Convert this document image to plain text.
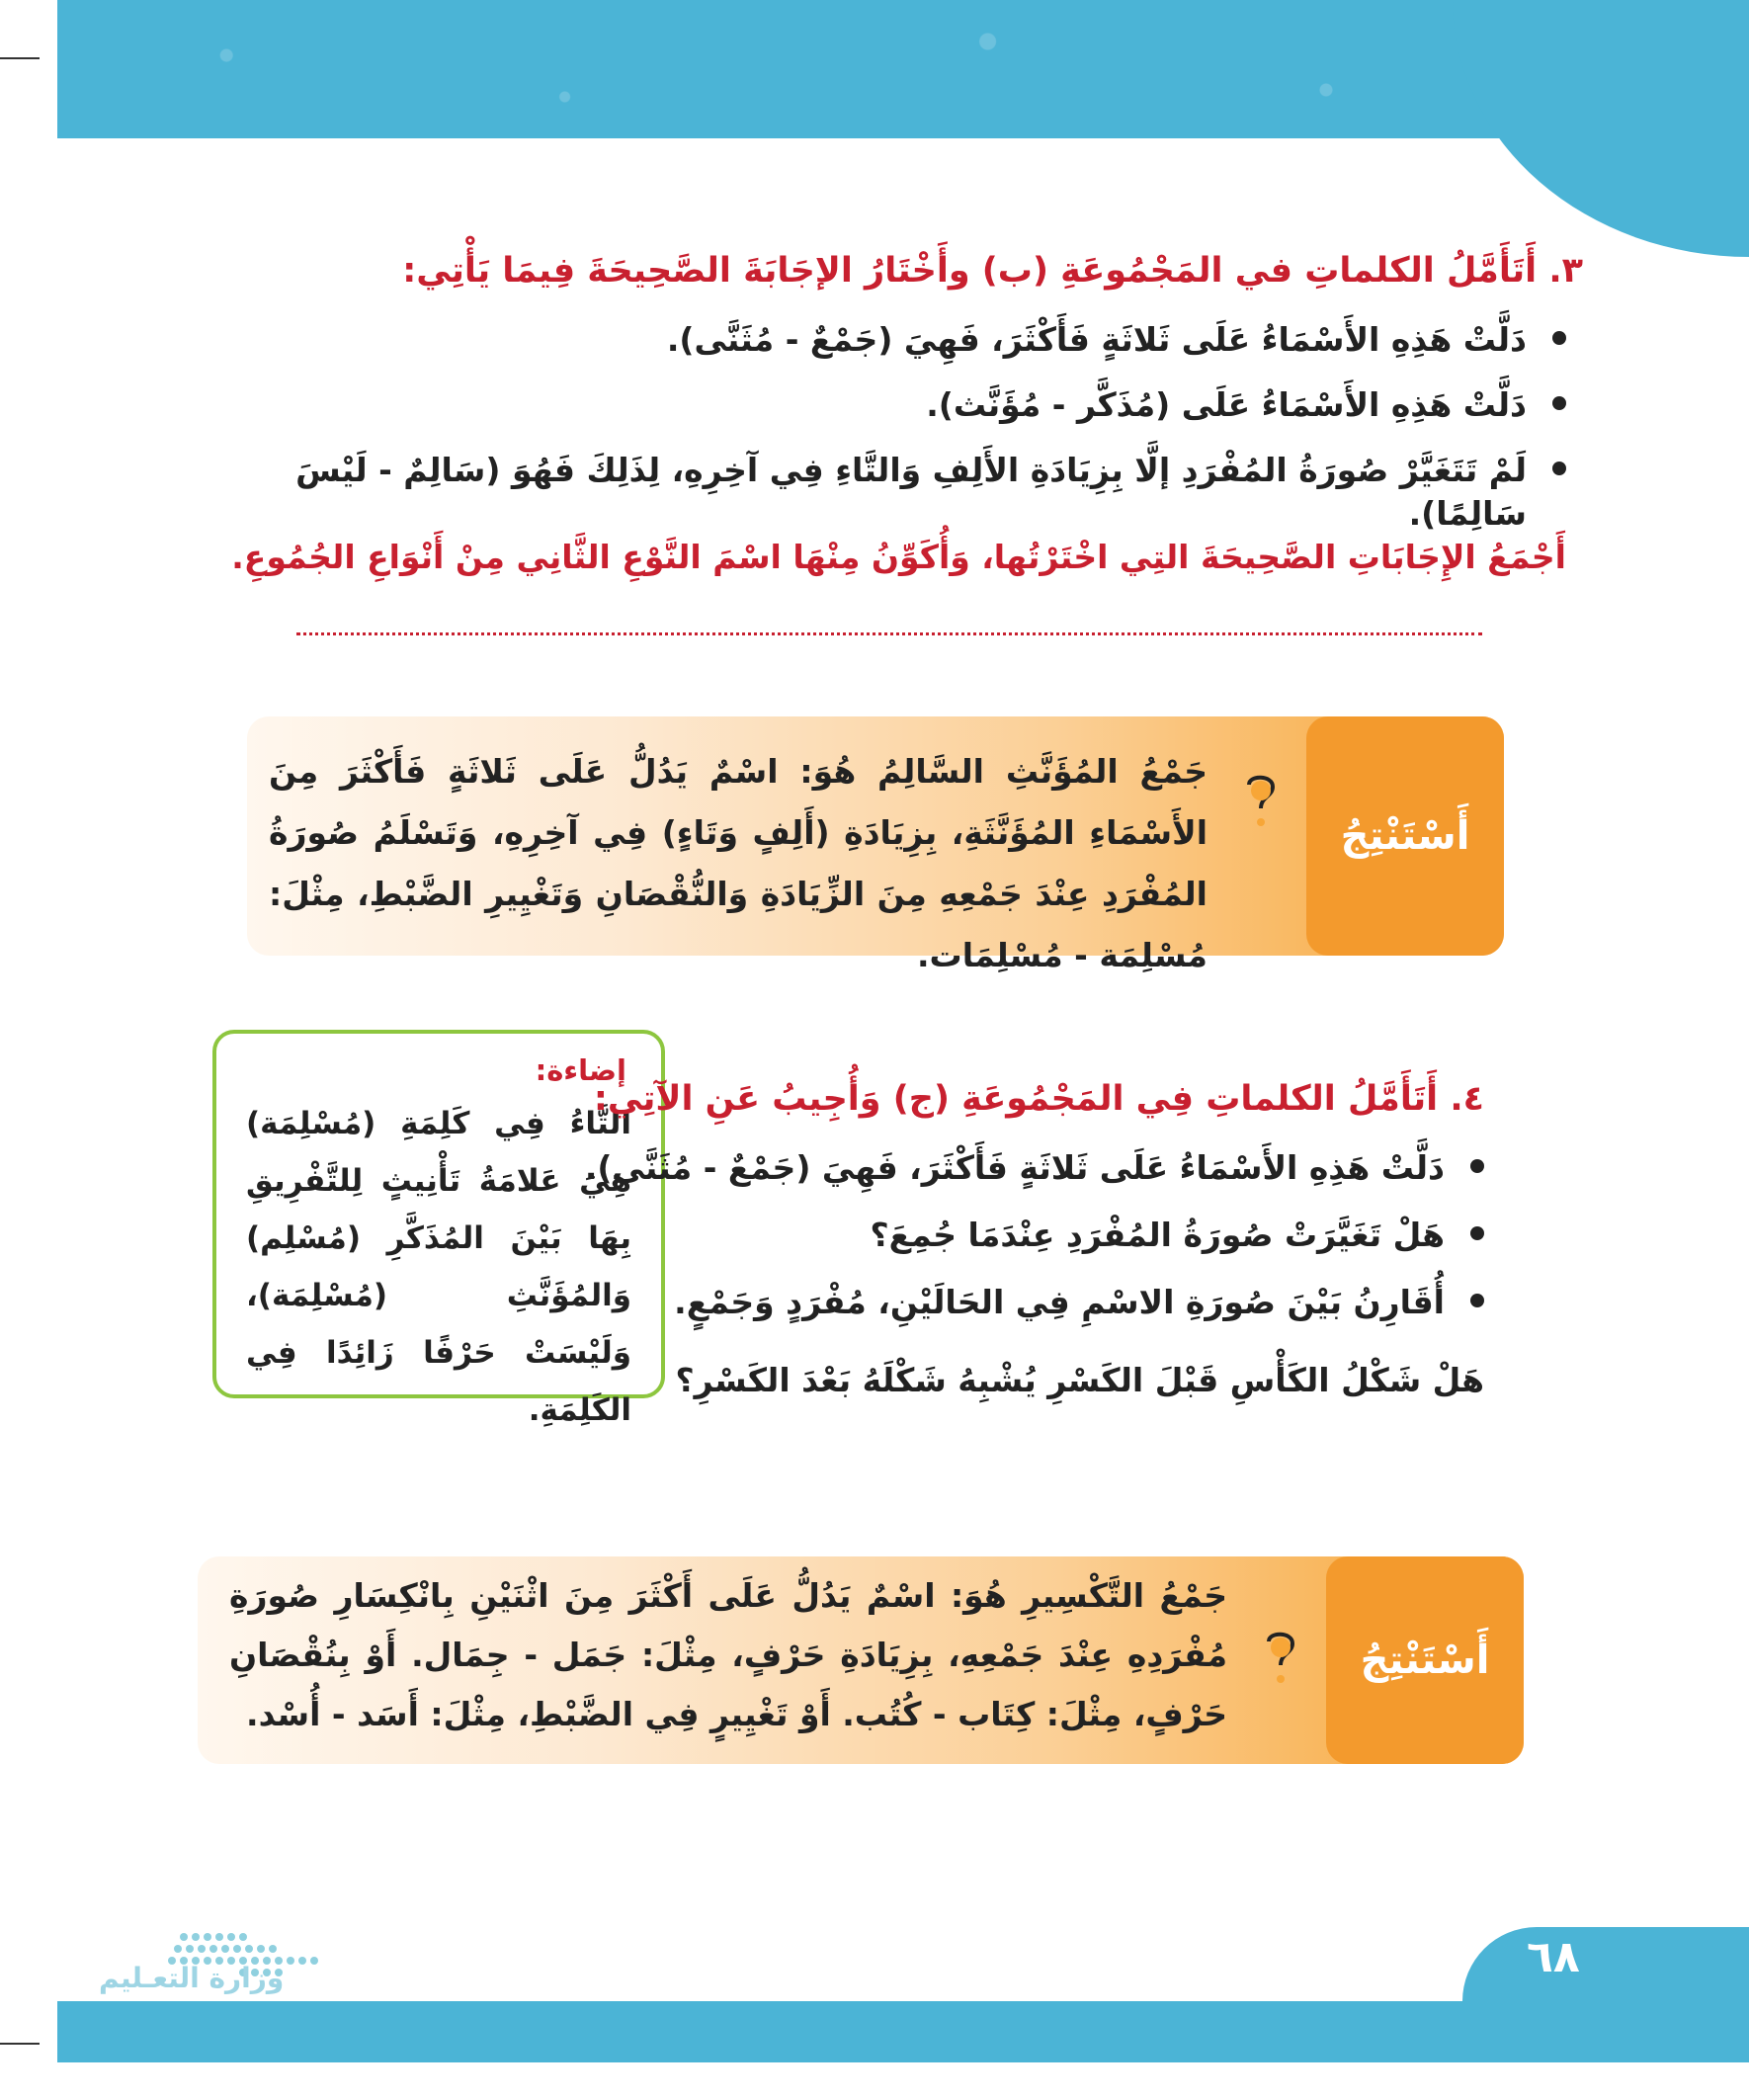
٣. أَتَأَمَّلُ الكلماتِ في المَجْمُوعَةِ (ب) وأَخْتَارُ الإجَابَةَ الصَّحِيحَةَ فِيمَا يَأْتِي:
دَلَّتْ هَذِهِ الأَسْمَاءُ عَلَى ثَلاثَةٍ فَأَكْثَرَ، فَهِيَ (جَمْعٌ - مُثَنَّى).
دَلَّتْ هَذِهِ الأَسْمَاءُ عَلَى (مُذَكَّر - مُؤَنَّث).
لَمْ تَتَغَيَّرْ صُورَةُ المُفْرَدِ إلَّا بِزِيَادَةِ الأَلِفِ وَالتَّاءِ فِي آخِرِهِ، لِذَلِكَ فَهُوَ (سَالِمٌ - لَيْسَ سَالِمًا).
أَجْمَعُ الإِجَابَاتِ الصَّحِيحَةَ التِي اخْتَرْتُها، وَأُكَوِّنُ مِنْهَا اسْمَ النَّوْعِ الثَّانِي مِنْ أَنْوَاعِ الجُمُوعِ.
أَسْتَنْتِجُ
جَمْعُ المُؤَنَّثِ السَّالِمُ هُوَ: اسْمٌ يَدُلُّ عَلَى ثَلاثَةٍ فَأَكْثَرَ مِنَ الأَسْمَاءِ المُؤَنَّثَةِ، بِزِيَادَةِ (أَلِفٍ وَتَاءٍ) فِي آخِرِهِ، وَتَسْلَمُ صُورَةُ المُفْرَدِ عِنْدَ جَمْعِهِ مِنَ الزِّيَادَةِ وَالنُّقْصَانِ وَتَغْيِيرِ الضَّبْطِ، مِثْلَ: مُسْلِمَة - مُسْلِمَات.
إضاءة:
التَّاءُ فِي كَلِمَةِ (مُسْلِمَة) هِيَ عَلامَةُ تَأْنِيثٍ لِلتَّفْرِيقِ بِهَا بَيْنَ المُذَكَّرِ (مُسْلِم) وَالمُؤَنَّثِ (مُسْلِمَة)، وَلَيْسَتْ حَرْفًا زَائِدًا فِي الكَلِمَةِ.
٤. أَتَأَمَّلُ الكلماتِ فِي المَجْمُوعَةِ (ج) وَأُجِيبُ عَنِ الآتِي:
دَلَّتْ هَذِهِ الأَسْمَاءُ عَلَى ثَلاثَةٍ فَأَكْثَرَ، فَهِيَ (جَمْعٌ - مُثَنَّى).
هَلْ تَغَيَّرَتْ صُورَةُ المُفْرَدِ عِنْدَمَا جُمِعَ؟
أُقَارِنُ بَيْنَ صُورَةِ الاسْمِ فِي الحَالَيْنِ، مُفْرَدٍ وَجَمْعٍ.
هَلْ شَكْلُ الكَأْسِ قَبْلَ الكَسْرِ يُشْبِهُ شَكْلَهُ بَعْدَ الكَسْرِ؟
أَسْتَنْتِجُ
جَمْعُ التَّكْسِيرِ هُوَ: اسْمٌ يَدُلُّ عَلَى أَكْثَرَ مِنَ اثْنَيْنِ بِانْكِسَارِ صُورَةِ مُفْرَدِهِ عِنْدَ جَمْعِهِ، بِزِيَادَةِ حَرْفٍ، مِثْلَ: جَمَل - جِمَال. أَوْ بِنُقْصَانِ حَرْفٍ، مِثْلَ: كِتَاب - كُتُب. أَوْ تَغْيِيرٍ فِي الضَّبْطِ، مِثْلَ: أَسَد - أُسْد.
وزارة التعـليم	٦٨
